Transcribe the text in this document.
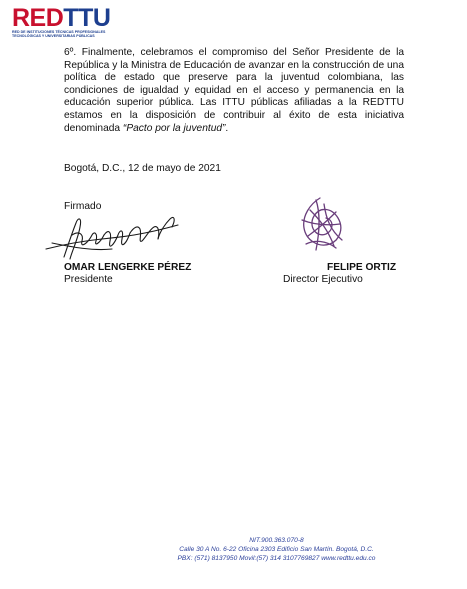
REDTTU
RED DE INSTITUCIONES TÉCNICAS PROFESIONALES
TECNOLÓGICAS Y UNIVERSITARIAS PÚBLICAS

6º. Finalmente, celebramos el compromiso del Señor Presidente de la República y la Ministra de Educación de avanzar en la construcción de una política de estado que preserve para la juventud colombiana, las condiciones de igualdad y equidad en el acceso y permanencia en la educación superior pública. Las ITTU públicas afiliadas a la REDTTU estamos en la disposición de contribuir al éxito de esta iniciativa denominada “Pacto por la juventud”.

Bogotá, D.C., 12 de mayo de 2021
Firmado
OMAR LENGERKE PÉREZ
Presidente
FELIPE ORTIZ
Director Ejecutivo
NIT.900.363.070-8
Calle 30 A No. 6-22 Oficina 2303 Edificio San Martín. Bogotá, D.C.
PBX: (571) 8137950 Movil:(57) 314 3107769827 www.redttu.edu.co
